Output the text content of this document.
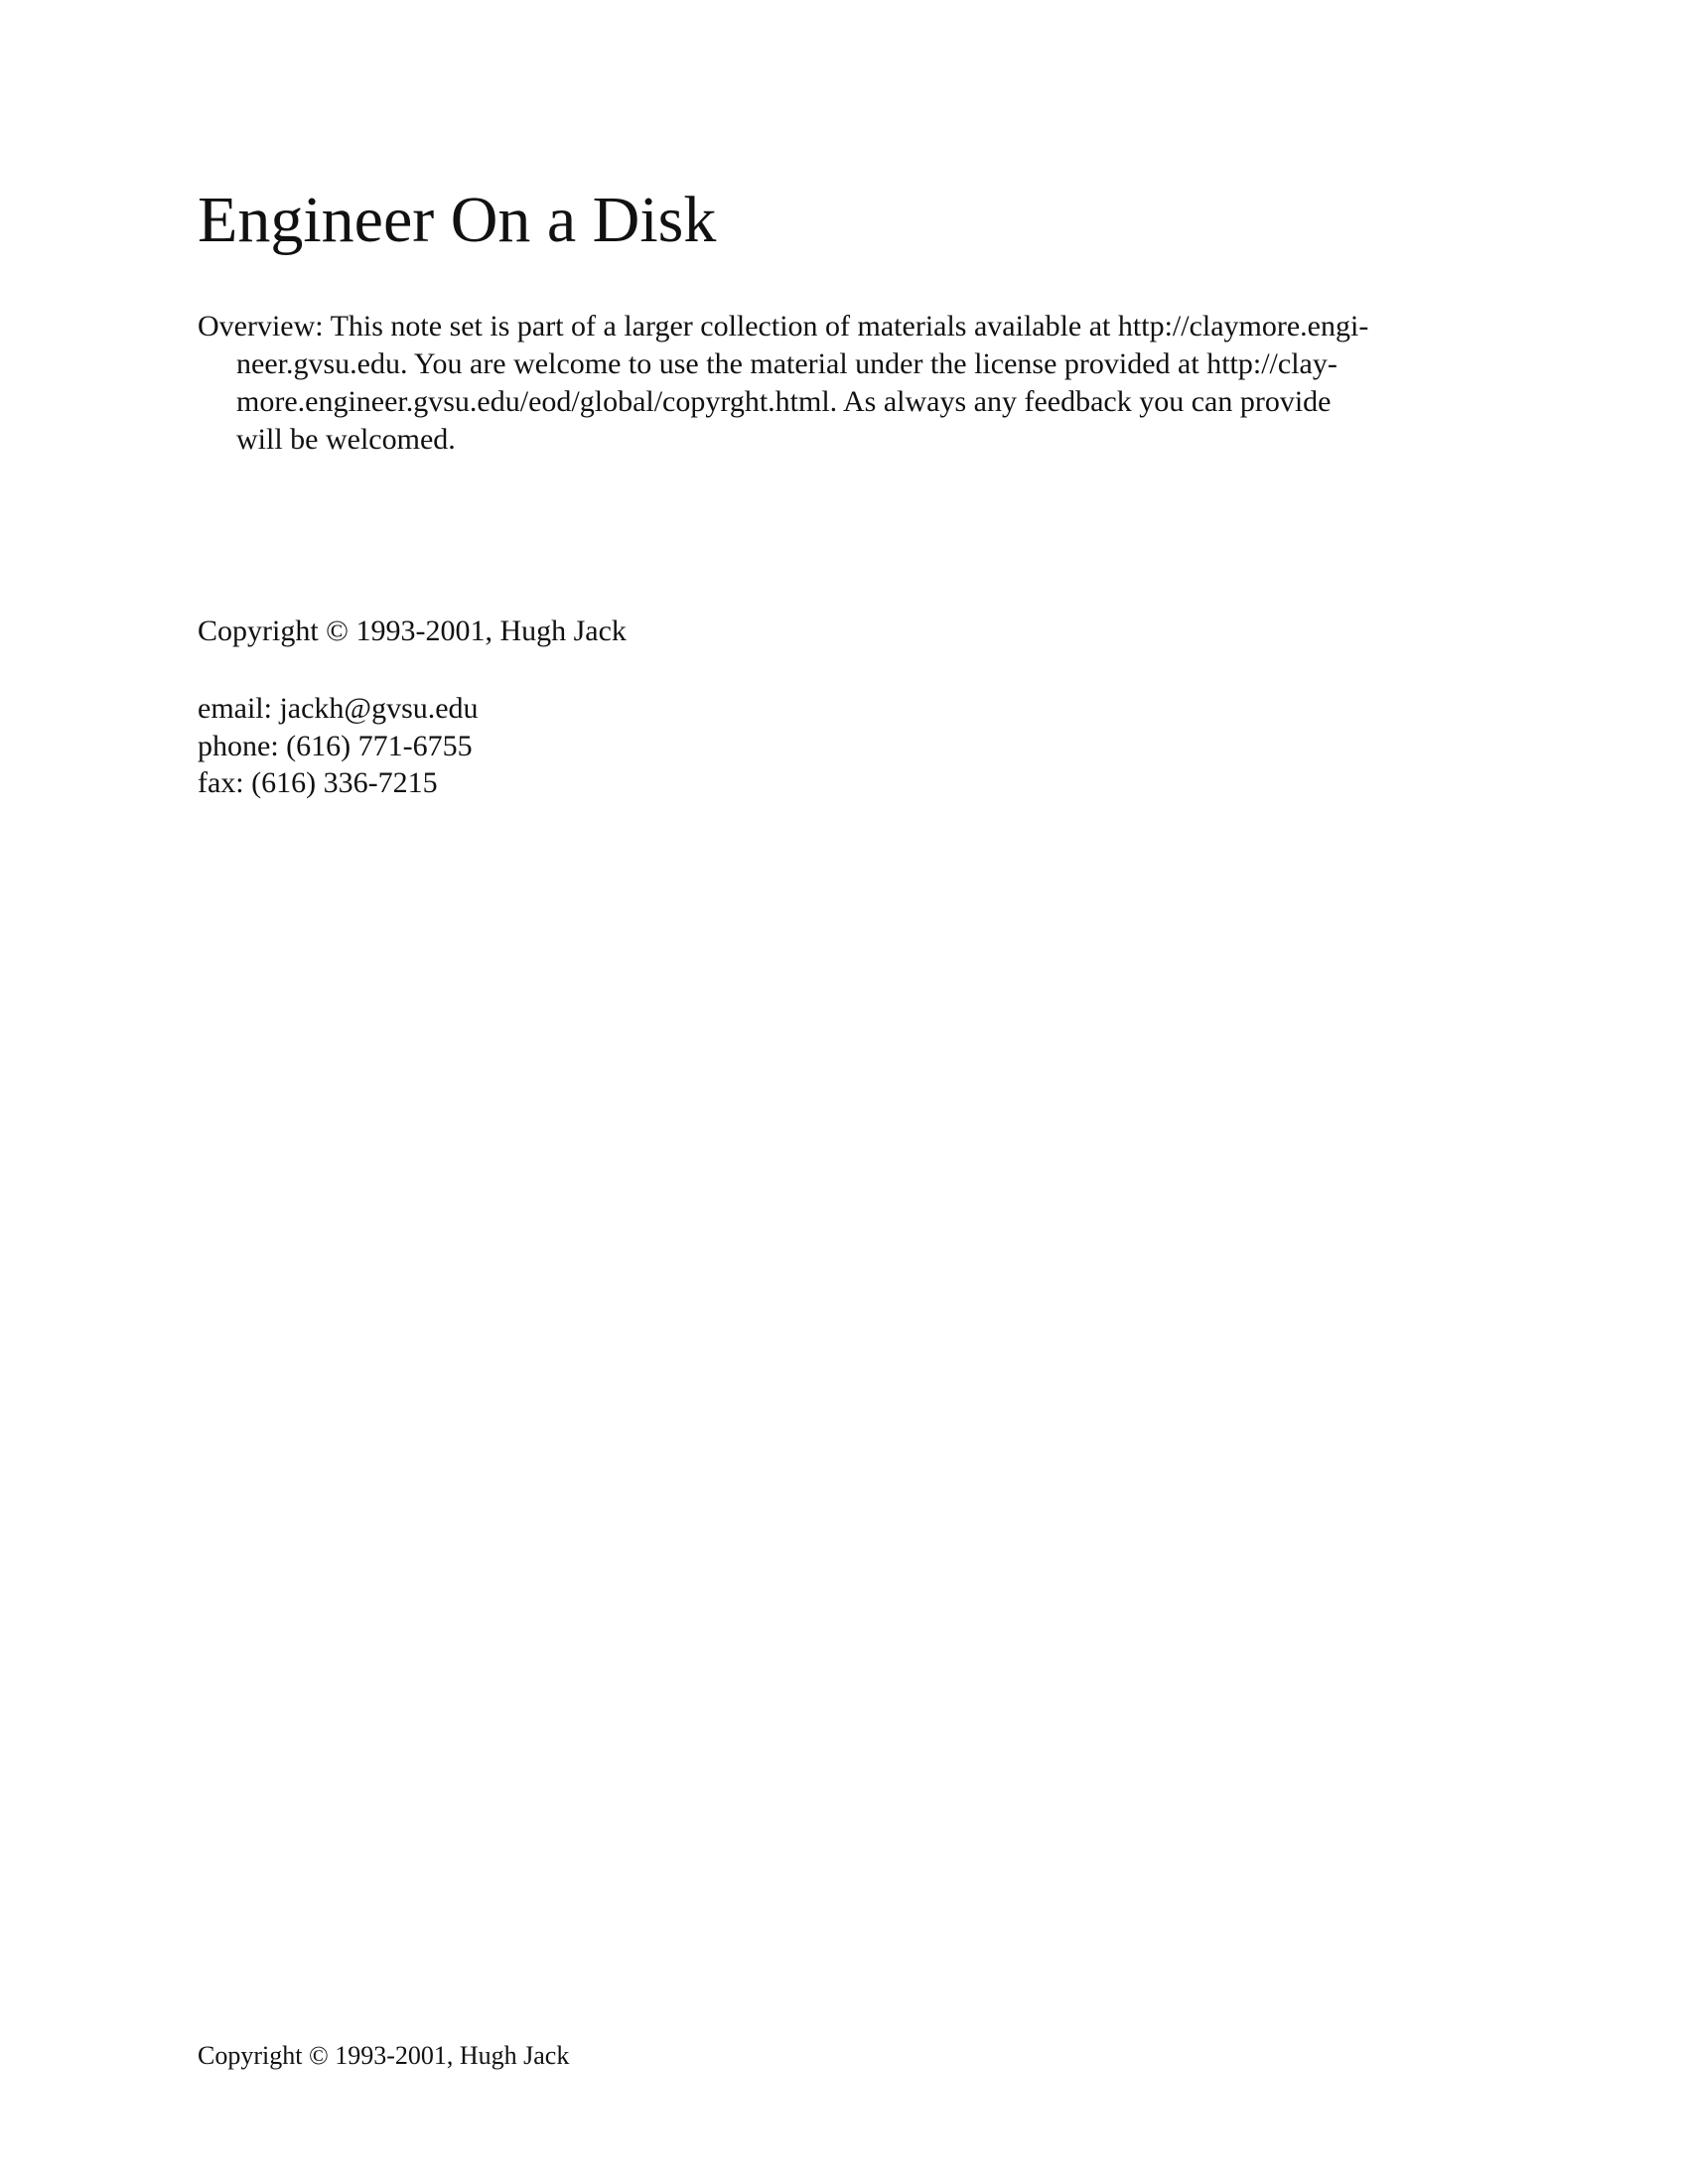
Engineer On a Disk
Overview: This note set is part of a larger collection of materials available at http://claymore.engi-
neer.gvsu.edu. You are welcome to use the material under the license provided at http://clay-
more.engineer.gvsu.edu/eod/global/copyrght.html. As always any feedback you can provide
will be welcomed.
Copyright © 1993-2001, Hugh Jack
email: jackh@gvsu.edu
phone: (616) 771-6755
fax: (616) 336-7215
Copyright © 1993-2001, Hugh Jack
